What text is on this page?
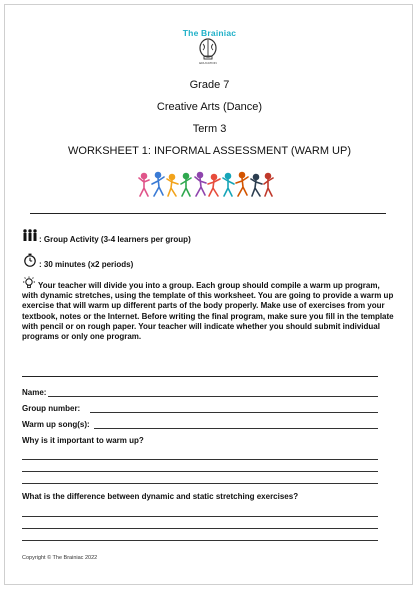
The Brainiac
EDUCATION
Grade 7
Creative Arts (Dance)
Term 3
WORKSHEET 1: INFORMAL ASSESSMENT (WARM UP)
: Group Activity (3-4 learners per group)
: 30 minutes (x2 periods)
Your teacher will divide you into a group. Each group should compile a warm up program, with dynamic stretches, using the template of this worksheet. You are going to provide a warm up exercise that will warm up different parts of the body properly. Make use of exercises from your textbook, notes or the Internet. Before writing the final program, make sure you fill in the template with pencil or on rough paper. Your teacher will indicate whether you should submit individual programs or only one program.
Name:
Group number:
Warm up song(s):
Why is it important to warm up?
What is the difference between dynamic and static stretching exercises?
Copyright © The Brainiac 2022
